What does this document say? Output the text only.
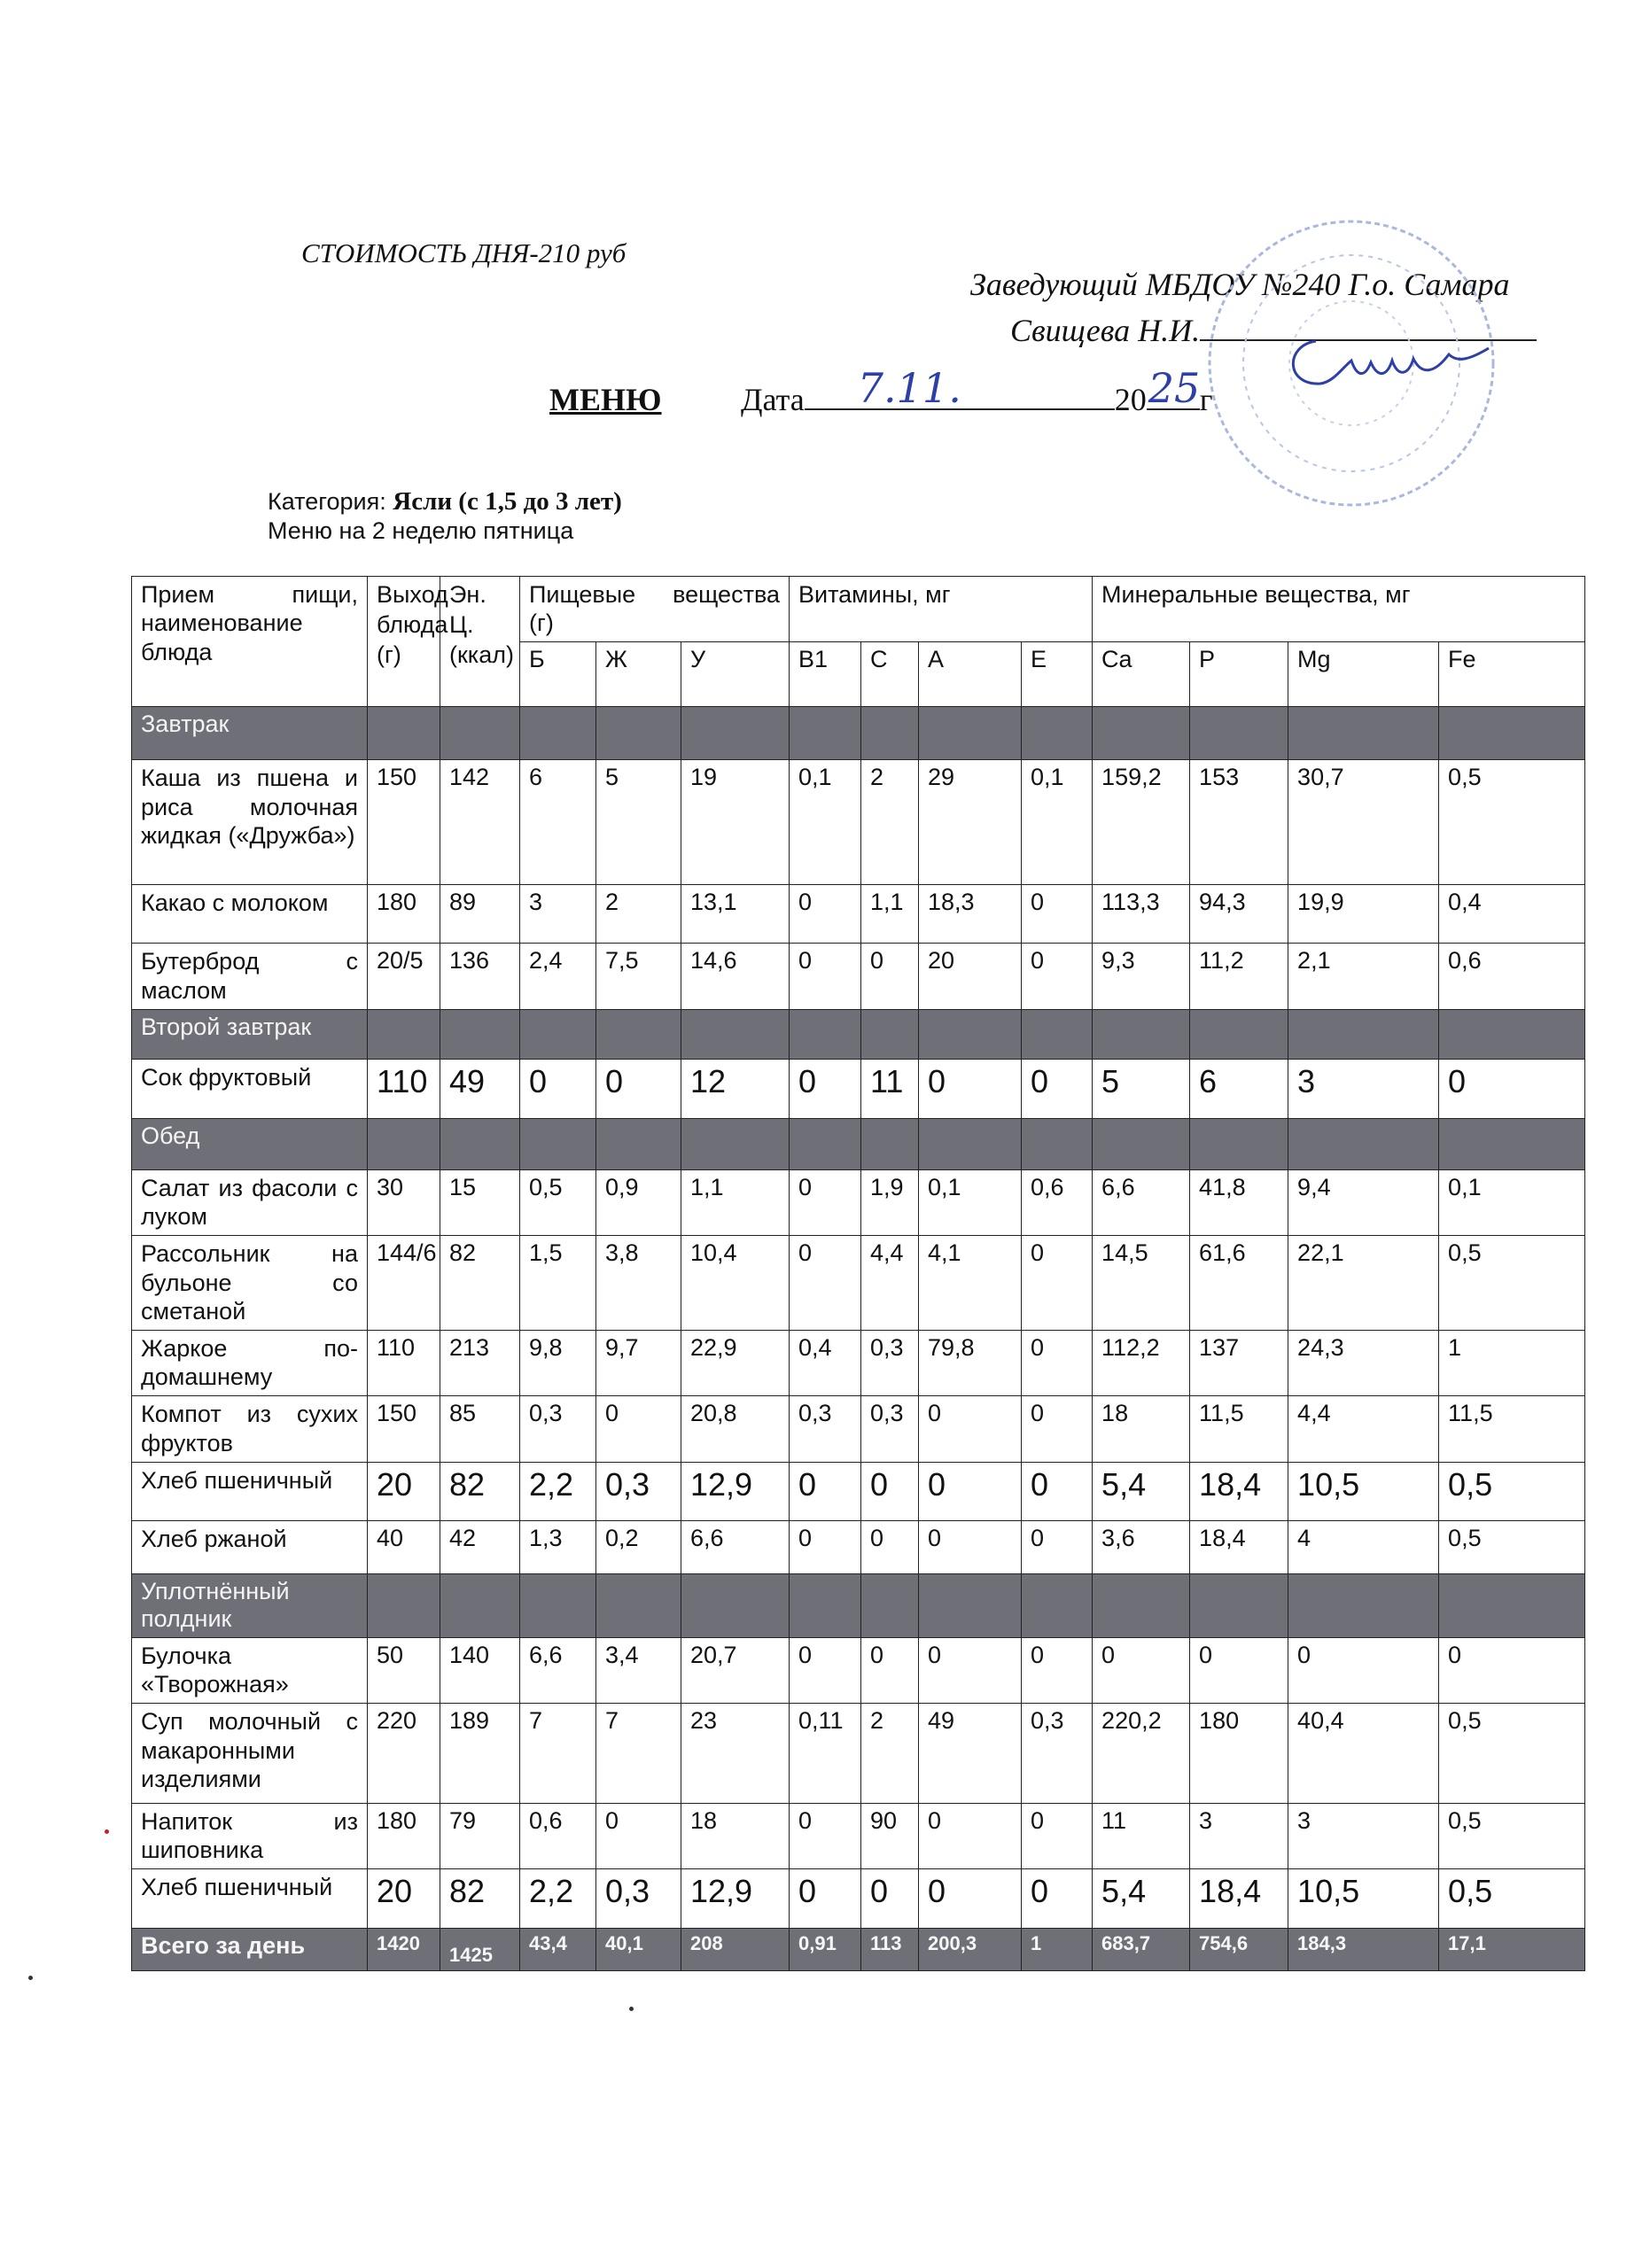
СТОИМОСТЬ ДНЯ-210 руб
Заведующий МБДОУ №240 Г.о. Самара
Свищева Н.И.
МЕНЮ Дата 7.11.	20 25 г
Категория: Ясли (с 1,5 до 3 лет)
Меню на 2 неделю пятница
Прием пищи, наименование блюда	Выход блюда (г)	Эн. Ц. (ккал)	Пищевые вещества (г)			Витамины, мг				Минеральные вещества, мг			
			Б	Ж	У	B1	C	A	E	Ca	P	Mg	Fe
Завтрак													
Каша из пшена и риса молочная жидкая («Дружба»)	150	142	6	5	19	0,1	2	29	0,1	159,2	153	30,7	0,5
Какао с молоком	180	89	3	2	13,1	0	1,1	18,3	0	113,3	94,3	19,9	0,4
Бутерброд с маслом	20/5	136	2,4	7,5	14,6	0	0	20	0	9,3	11,2	2,1	0,6
Второй завтрак													
Сок фруктовый	110	49	0	0	12	0	11	0	0	5	6	3	0
Обед													
Салат из фасоли с луком	30	15	0,5	0,9	1,1	0	1,9	0,1	0,6	6,6	41,8	9,4	0,1
Рассольник на бульоне со сметаной	144/6	82	1,5	3,8	10,4	0	4,4	4,1	0	14,5	61,6	22,1	0,5
Жаркое по-домашнему	110	213	9,8	9,7	22,9	0,4	0,3	79,8	0	112,2	137	24,3	1
Компот из сухих фруктов	150	85	0,3	0	20,8	0,3	0,3	0	0	18	11,5	4,4	11,5
Хлеб пшеничный	20	82	2,2	0,3	12,9	0	0	0	0	5,4	18,4	10,5	0,5
Хлеб ржаной	40	42	1,3	0,2	6,6	0	0	0	0	3,6	18,4	4	0,5
Уплотнённый полдник													
Булочка «Творожная»	50	140	6,6	3,4	20,7	0	0	0	0	0	0	0	0
Суп молочный с макаронными изделиями	220	189	7	7	23	0,11	2	49	0,3	220,2	180	40,4	0,5
Напиток из шиповника	180	79	0,6	0	18	0	90	0	0	11	3	3	0,5
Хлеб пшеничный	20	82	2,2	0,3	12,9	0	0	0	0	5,4	18,4	10,5	0,5
Всего за день	1420	1425	43,4	40,1	208	0,91	113	200,3	1	683,7	754,6	184,3	17,1
